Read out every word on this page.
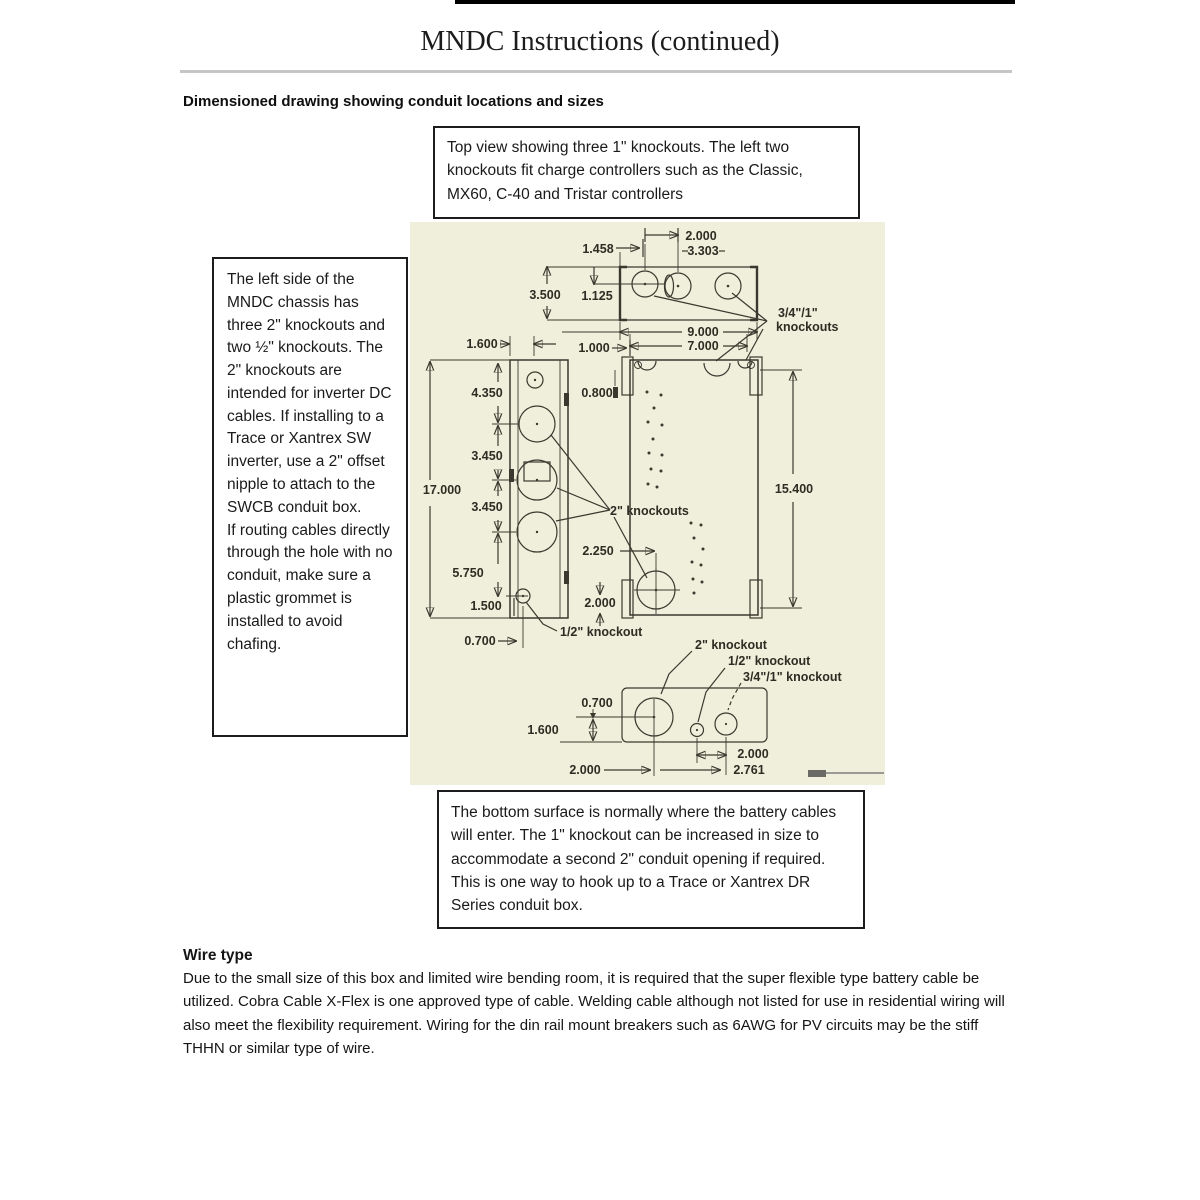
MNDC Instructions (continued)
Dimensioned drawing showing conduit locations and sizes
Top view showing three 1" knockouts. The left two knockouts fit charge controllers such as the Classic, MX60, C-40 and Tristar controllers
1.458
2.000
3.303
3.500 1.125
9.000
7.000
3/4"/1"
knockouts
1.600
4.350
3.450
3.450
5.750
17.000
1.500
0.700
2.000
1/2" knockout
1.000
0.800
2.250
2" knockouts
15.400
2" knockout
1/2" knockout
3/4"/1" knockout
0.700
1.600
2.000
2.000
2.761

The left side of the MNDC chassis has three 2" knockouts and two ½" knockouts. The 2" knockouts are intended for inverter DC cables. If installing to a Trace or Xantrex SW inverter, use a 2" offset nipple to attach to the SWCB conduit box.

If routing cables directly through the hole with no conduit, make sure a plastic grommet is installed to avoid chafing.

The bottom surface is normally where the battery cables will enter. The 1" knockout can be increased in size to accommodate a second 2" conduit opening if required. This is one way to hook up to a Trace or Xantrex DR Series conduit box.
Wire type
Due to the small size of this box and limited wire bending room, it is required that the super flexible type battery cable be utilized. Cobra Cable X-Flex is one approved type of cable. Welding cable although not listed for use in residential wiring will also meet the flexibility requirement. Wiring for the din rail mount breakers such as 6AWG for PV circuits may be the stiff THHN or similar type of wire.
